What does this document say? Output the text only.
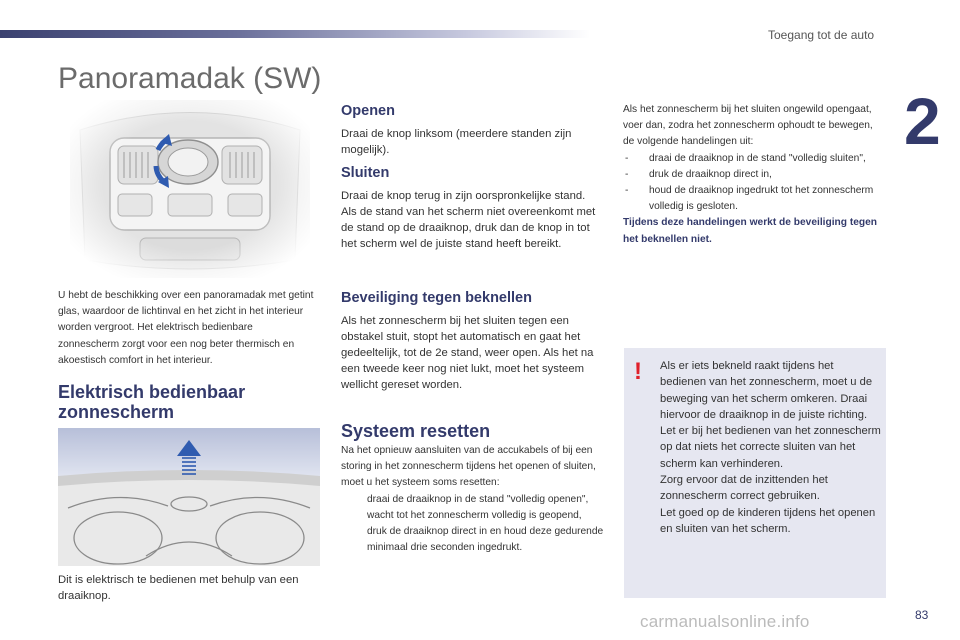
Toegang tot de auto
2
Panoramadak (SW)

U hebt de beschikking over een panoramadak met getint glas, waardoor de lichtinval en het zicht in het interieur worden vergroot. Het elektrisch bedienbare zonnescherm zorgt voor een nog beter thermisch en akoestisch comfort in het interieur.

Elektrisch bedienbaar zonnescherm

Dit is elektrisch te bedienen met behulp van een draaiknop.

Openen

Draai de knop linksom (meerdere standen zijn mogelijk).

Sluiten

Draai de knop terug in zijn oorspronkelijke stand.

Als de stand van het scherm niet overeenkomt met de stand op de draaiknop, druk dan de knop in tot het scherm wel de juiste stand heeft bereikt.

Beveiliging tegen beknellen

Als het zonnescherm bij het sluiten tegen een obstakel stuit, stopt het automatisch en gaat het gedeeltelijk, tot de 2e stand, weer open. Als het na een tweede keer nog niet lukt, moet het systeem wellicht gereset worden.

Systeem resetten

Na het opnieuw aansluiten van de accukabels of bij een storing in het zonnescherm tijdens het openen of sluiten, moet u het systeem soms resetten:

draai de draaiknop in de stand "volledig openen",
wacht tot het zonnescherm volledig is geopend,
druk de draaiknop direct in en houd deze gedurende minimaal drie seconden ingedrukt.

Als het zonnescherm bij het sluiten ongewild opengaat, voer dan, zodra het zonnescherm ophoudt te bewegen, de volgende handelingen uit:

- draai de draaiknop in de stand "volledig sluiten",
- druk de draaiknop direct in,
- houd de draaiknop ingedrukt tot het zonnescherm volledig is gesloten.

Tijdens deze handelingen werkt de beveiliging tegen het beknellen niet.

! Als er iets bekneld raakt tijdens het bedienen van het zonnescherm, moet u de beweging van het scherm omkeren. Draai hiervoor de draaiknop in de juiste richting.

Let er bij het bedienen van het zonnescherm op dat niets het correcte sluiten van het scherm kan verhinderen.

Zorg ervoor dat de inzittenden het zonnescherm correct gebruiken.

Let goed op de kinderen tijdens het openen en sluiten van het scherm.

carmanualsonline.info	83
